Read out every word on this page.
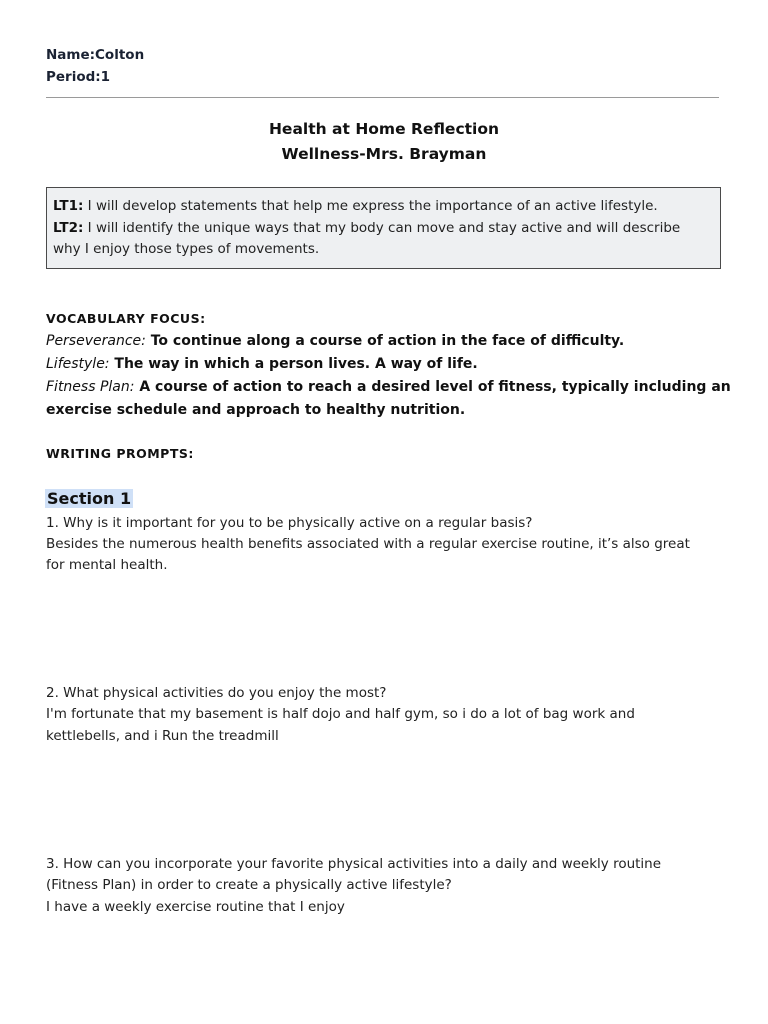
Name:Colton
Period:1
Health at Home Reflection
Wellness-Mrs. Brayman
LT1: I will develop statements that help me express the importance of an active lifestyle.
LT2: I will identify the unique ways that my body can move and stay active and will describe
why I enjoy those types of movements.
VOCABULARY FOCUS:
Perseverance: To continue along a course of action in the face of difficulty.
Lifestyle: The way in which a person lives. A way of life.
Fitness Plan: A course of action to reach a desired level of fitness, typically including an
exercise schedule and approach to healthy nutrition.
WRITING PROMPTS:
Section 1
1. Why is it important for you to be physically active on a regular basis?
Besides the numerous health benefits associated with a regular exercise routine, it’s also great
for mental health.
2. What physical activities do you enjoy the most?
I'm fortunate that my basement is half dojo and half gym, so i do a lot of bag work and
kettlebells, and i Run the treadmill
3. How can you incorporate your favorite physical activities into a daily and weekly routine
(Fitness Plan) in order to create a physically active lifestyle?
I have a weekly exercise routine that I enjoy
